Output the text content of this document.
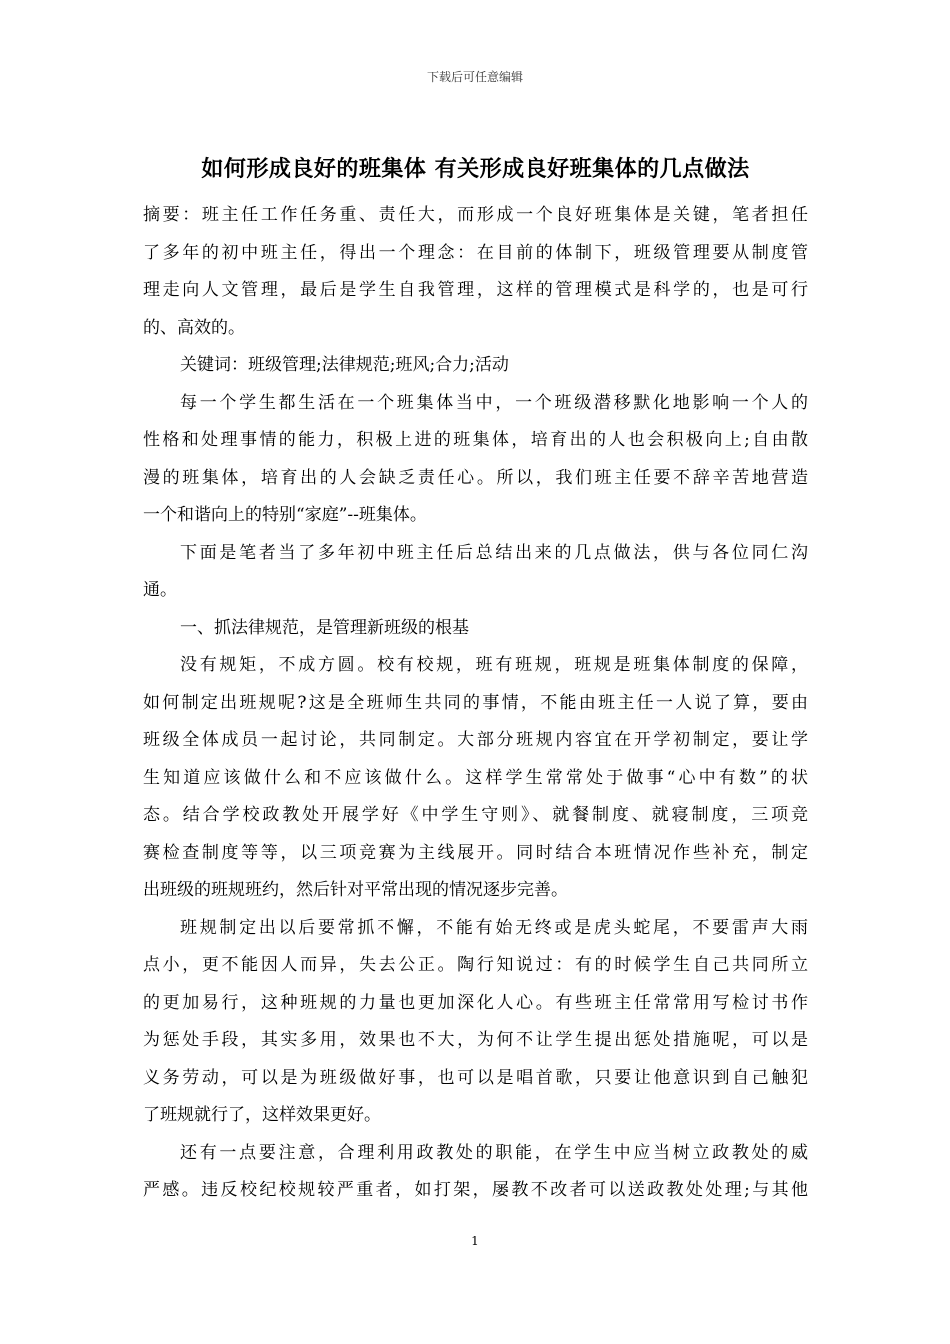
下载后可任意编辑
如何形成良好的班集体 有关形成良好班集体的几点做法
摘要：班主任工作任务重、责任大，而形成一个良好班集体是关键，笔者担任
了多年的初中班主任，得出一个理念：在目前的体制下，班级管理要从制度管
理走向人文管理，最后是学生自我管理，这样的管理模式是科学的，也是可行
的、高效的。
关键词：班级管理;法律规范;班风;合力;活动
每一个学生都生活在一个班集体当中，一个班级潜移默化地影响一个人的
性格和处理事情的能力，积极上进的班集体，培育出的人也会积极向上;自由散
漫的班集体，培育出的人会缺乏责任心。所以，我们班主任要不辞辛苦地营造
一个和谐向上的特别“家庭”--班集体。
下面是笔者当了多年初中班主任后总结出来的几点做法，供与各位同仁沟
通。
一、抓法律规范，是管理新班级的根基
没有规矩，不成方圆。校有校规，班有班规，班规是班集体制度的保障，
如何制定出班规呢?这是全班师生共同的事情，不能由班主任一人说了算，要由
班级全体成员一起讨论，共同制定。大部分班规内容宜在开学初制定，要让学
生知道应该做什么和不应该做什么。这样学生常常处于做事“心中有数”的状
态。结合学校政教处开展学好《中学生守则》、就餐制度、就寝制度，三项竞
赛检查制度等等，以三项竞赛为主线展开。同时结合本班情况作些补充，制定
出班级的班规班约，然后针对平常出现的情况逐步完善。
班规制定出以后要常抓不懈，不能有始无终或是虎头蛇尾，不要雷声大雨
点小，更不能因人而异，失去公正。陶行知说过：有的时候学生自己共同所立
的更加易行，这种班规的力量也更加深化人心。有些班主任常常用写检讨书作
为惩处手段，其实多用，效果也不大，为何不让学生提出惩处措施呢，可以是
义务劳动，可以是为班级做好事，也可以是唱首歌，只要让他意识到自己触犯
了班规就行了，这样效果更好。
还有一点要注意，合理利用政教处的职能，在学生中应当树立政教处的威
严感。违反校纪校规较严重者，如打架，屡教不改者可以送政教处处理;与其他
1
